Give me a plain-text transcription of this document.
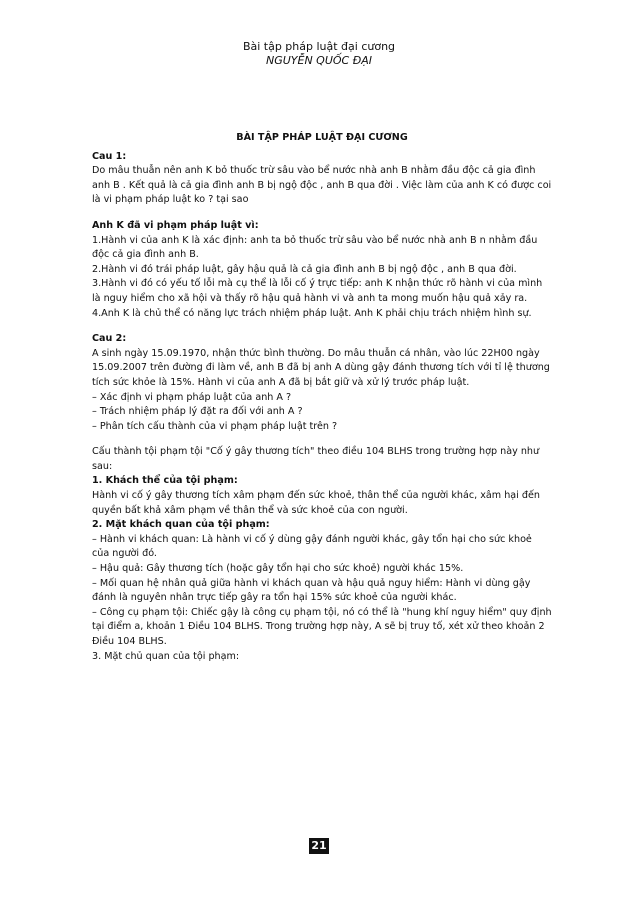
Bài tập pháp luật đại cương
NGUYỄN QUỐC ĐẠI

BÀI TẬP PHÁP LUẬT ĐẠI CƯƠNG

Cau 1:

Do mâu thuẫn nên anh K bỏ thuốc trừ sâu vào bể nước nhà anh B nhằm đầu độc cả gia đình anh B . Kết quả là cả gia đình anh B bị ngộ độc , anh B qua đời . Việc làm của anh K có được coi là vi phạm pháp luật ko ? tại sao

Anh K đã vi phạm pháp luật vì:

1.Hành vi của anh K là xác định: anh ta bỏ thuốc trừ sâu vào bể nước nhà anh B n nhằm đầu độc cả gia đình anh B.

2.Hành vi đó trái pháp luật, gây hậu quả là cả gia đình anh B bị ngộ độc , anh B qua đời.

3.Hành vi đó có yếu tố lỗi mà cụ thể là lỗi cố ý trực tiếp: anh K nhận thức rõ hành vi của mình là nguy hiểm cho xã hội và thấy rõ hậu quả hành vi và anh ta mong muốn hậu quả xảy ra.

4.Anh K là chủ thể có năng lực trách nhiệm pháp luật. Anh K phải chịu trách nhiệm hình sự.

Cau 2:

A sinh ngày 15.09.1970, nhận thức bình thường. Do mâu thuẫn cá nhân, vào lúc 22H00 ngày 15.09.2007 trên đường đi làm về, anh B đã bị anh A dùng gậy đánh thương tích với tỉ lệ thương tích sức khỏe là 15%. Hành vi của anh A đã bị bắt giữ và xử lý trước pháp luật.

– Xác định vi phạm pháp luật của anh A ?

– Trách nhiệm pháp lý đặt ra đối với anh A ?

– Phân tích cấu thành của vi phạm pháp luật trên ?

Cấu thành tội phạm tội "Cố ý gây thương tích" theo điều 104 BLHS trong trường hợp này như sau:

1. Khách thể của tội phạm:

Hành vi cố ý gây thương tích xâm phạm đến sức khoẻ, thân thể của người khác, xâm hại đến quyền bất khả xâm phạm về thân thể và sức khoẻ của con người.

2. Mặt khách quan của tội phạm:

– Hành vi khách quan: Là hành vi cố ý dùng gậy đánh người khác, gây tổn hại cho sức khoẻ của người đó.

– Hậu quả: Gây thương tích (hoặc gây tổn hại cho sức khoẻ) người khác 15%.

– Mối quan hệ nhân quả giữa hành vi khách quan và hậu quả nguy hiểm: Hành vi dùng gậy đánh là nguyên nhân trực tiếp gây ra tổn hại 15% sức khoẻ của người khác.

– Công cụ phạm tội: Chiếc gậy là công cụ phạm tội, nó có thể là "hung khí nguy hiểm" quy định tại điểm a, khoản 1 Điều 104 BLHS. Trong trường hợp này, A sẽ bị truy tố, xét xử theo khoản 2 Điều 104 BLHS.

3. Mặt chủ quan của tội phạm:

21
